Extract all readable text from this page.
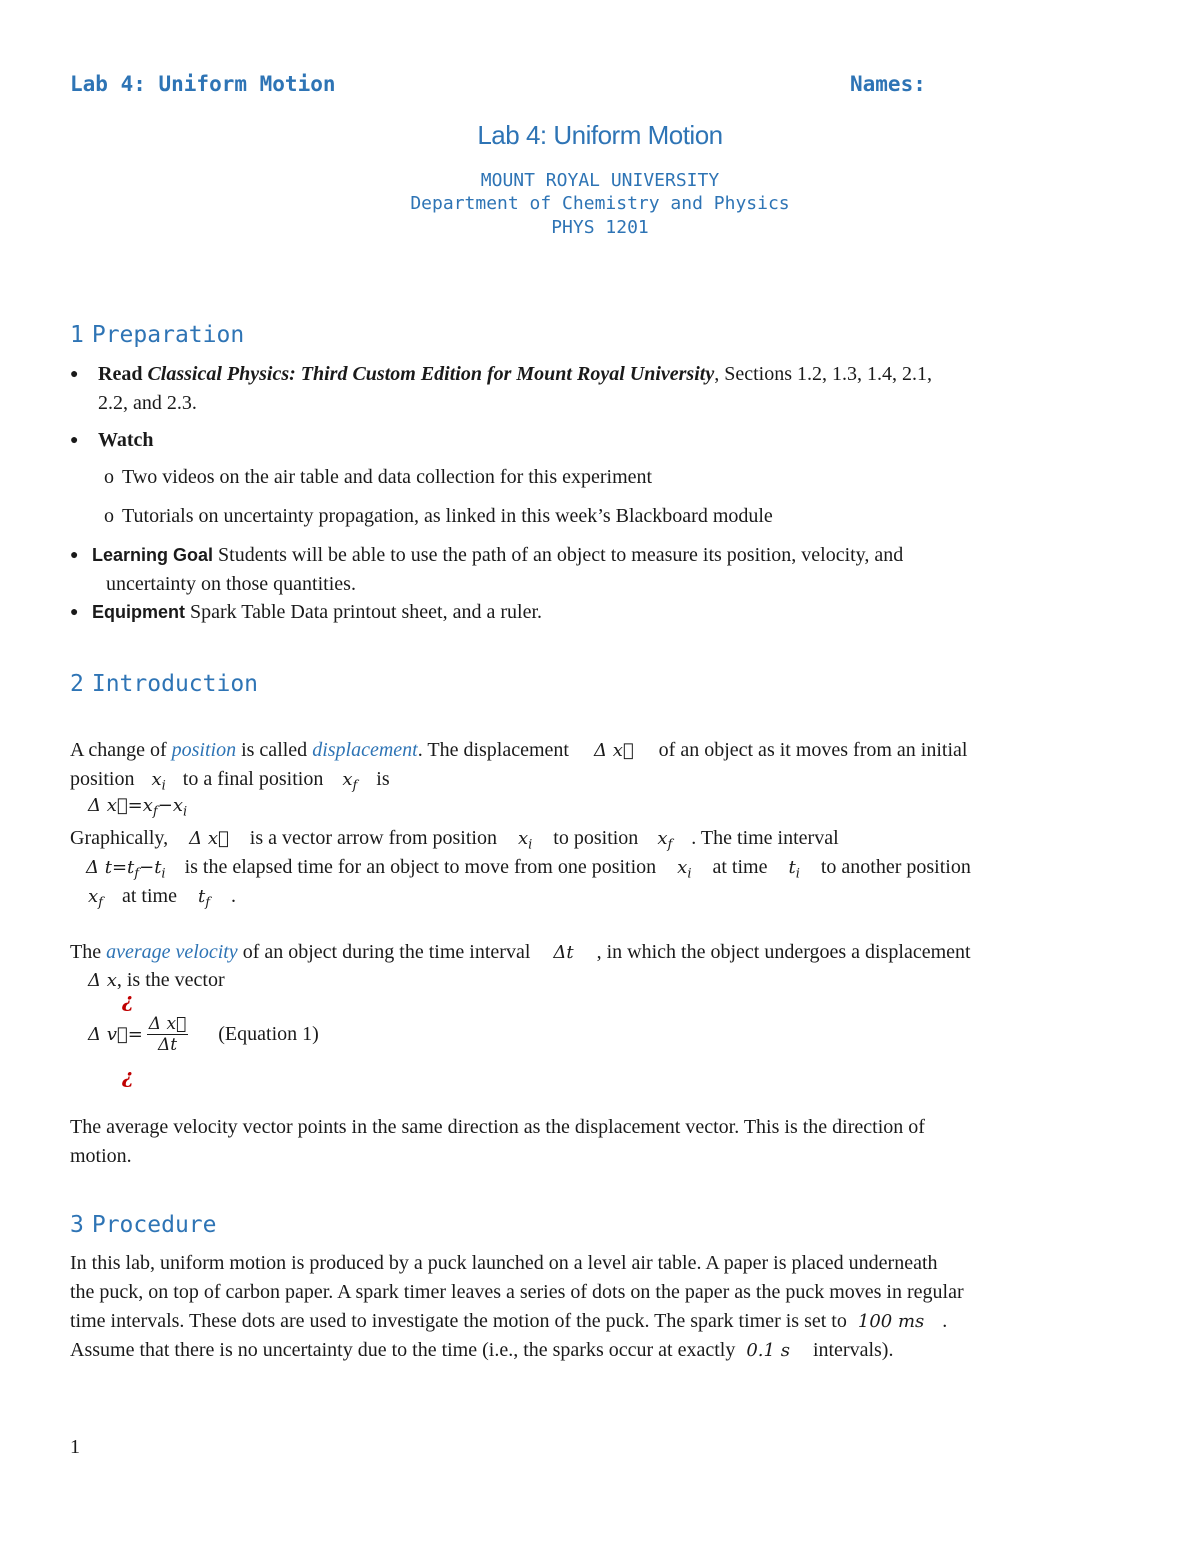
Lab 4: Uniform Motion	Names:
Lab 4: Uniform Motion
MOUNT ROYAL UNIVERSITY
Department of Chemistry and Physics
PHYS 1201
1 Preparation
● Read Classical Physics: Third Custom Edition for Mount Royal University, Sections 1.2, 1.3, 1.4, 2.1,
2.2, and 2.3.
● Watch
o Two videos on the air table and data collection for this experiment
o Tutorials on uncertainty propagation, as linked in this week’s Blackboard module
● Learning Goal Students will be able to use the path of an object to measure its position, velocity, and
uncertainty on those quantities.
● Equipment Spark Table Data printout sheet, and a ruler.
2 Introduction
A change of position is called displacement. The displacement Δ x⃗ of an object as it moves from an initial
position $x_i$ to a final position $x_f$ is
Δ $x⃗=x_f-x_i$
Graphically, Δ x⃗ is a vector arrow from position $x_i$ to position $x_f$ . The time interval
Δ $t=t_f-t_i$ is the elapsed time for an object to move from one position $x_i$ at time $t_i$ to another position
$x_f$ at time $t_f$ .
The average velocity of an object during the time interval Δt , in which the object undergoes a displacement
Δ x, is the vector
¿
Δ v⃗= $\frac{\text{Δ x⃗}}{\Delta t}$ (Equation 1)
¿
The average velocity vector points in the same direction as the displacement vector. This is the direction of
motion.
3 Procedure
In this lab, uniform motion is produced by a puck launched on a level air table. A paper is placed underneath
the puck, on top of carbon paper. A spark timer leaves a series of dots on the paper as the puck moves in regular
time intervals. These dots are used to investigate the motion of the puck. The spark timer is set to 100 ms .
Assume that there is no uncertainty due to the time (i.e., the sparks occur at exactly 0.1 s intervals).
1
